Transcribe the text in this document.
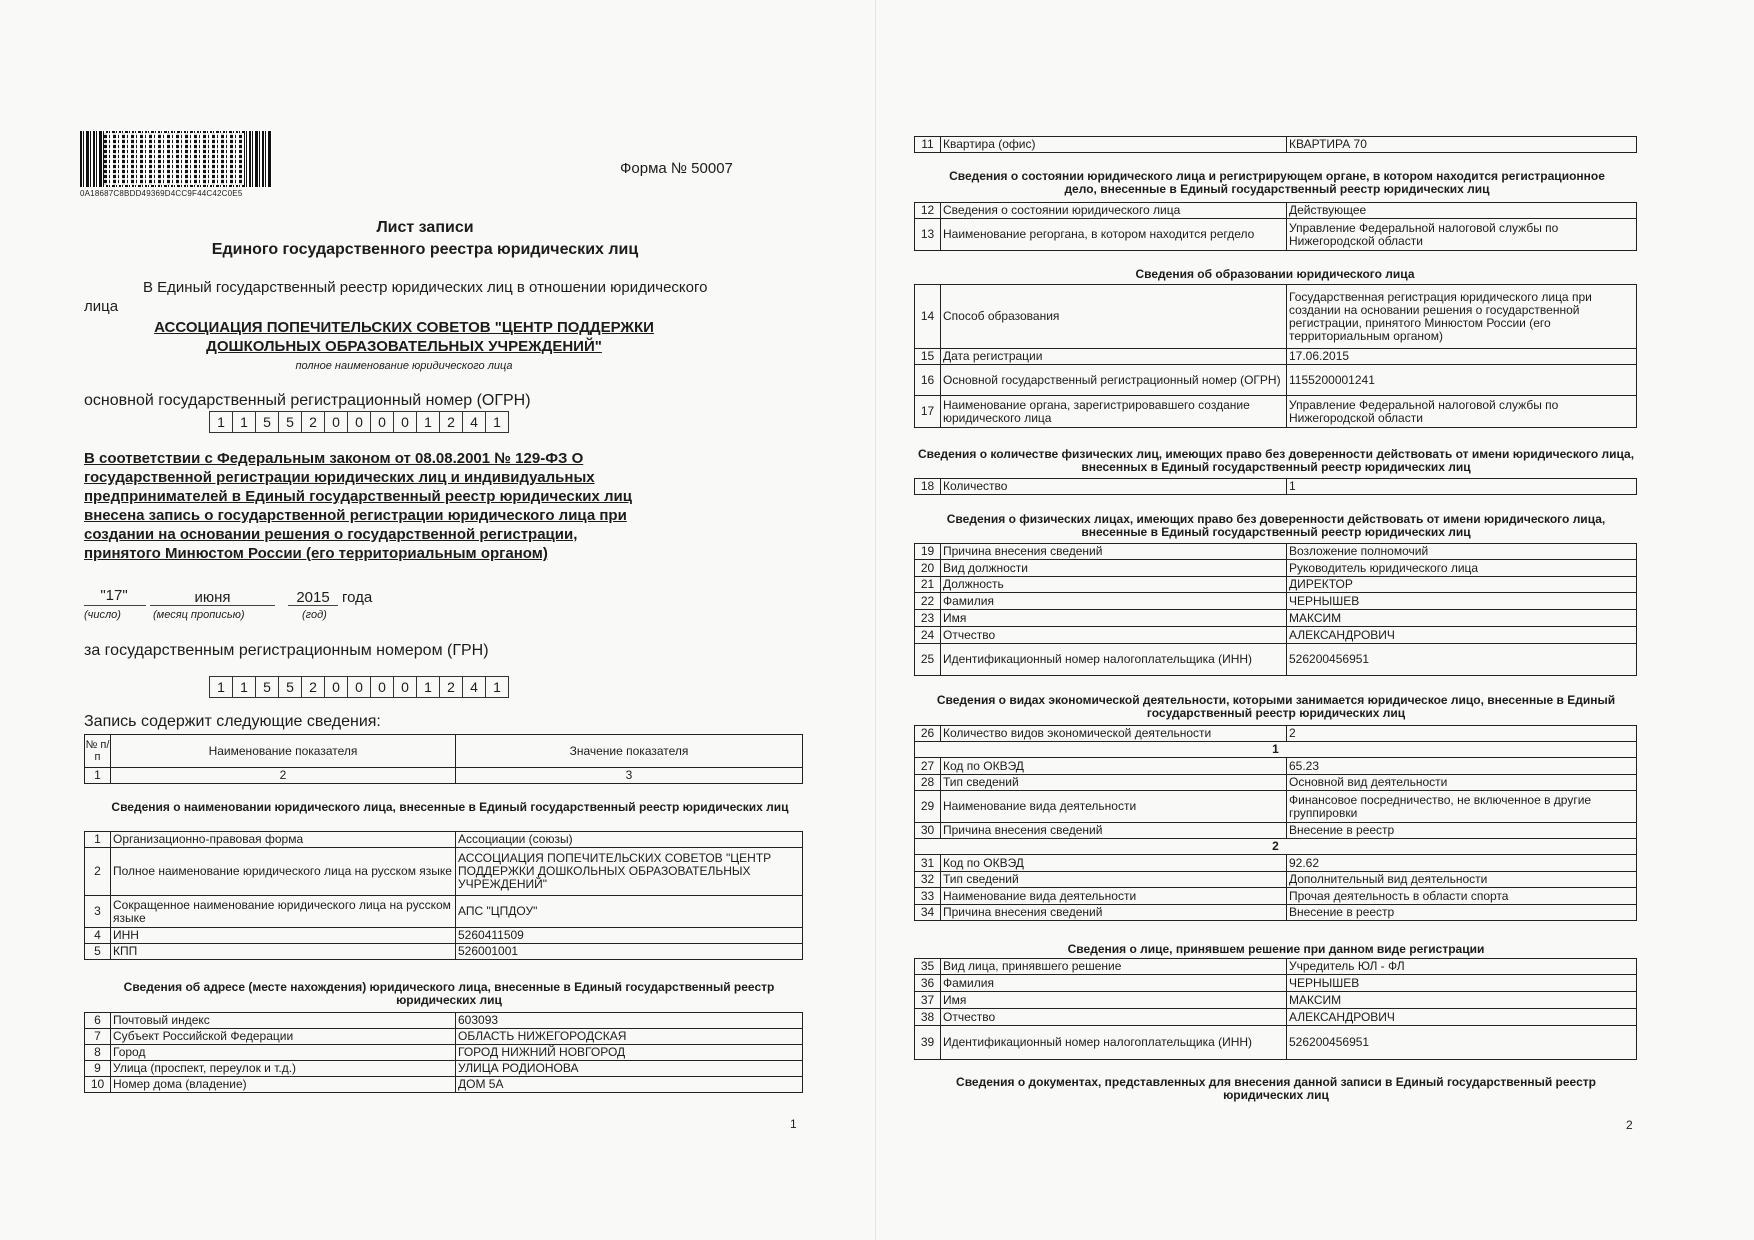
0A18687C8BDD49369D4CC9F44C42C0E5
Форма № 50007
Лист записи
Единого государственного реестра юридических лиц
В Единый государственный реестр юридических лиц в отношении юридического
лица
АССОЦИАЦИЯ ПОПЕЧИТЕЛЬСКИХ СОВЕТОВ "ЦЕНТР ПОДДЕРЖКИ
ДОШКОЛЬНЫХ ОБРАЗОВАТЕЛЬНЫХ УЧРЕЖДЕНИЙ"
полное наименование юридического лица
основной государственный регистрационный номер (ОГРН)
1	1	5	5	2	0	0	0	0	1	2	4	1
В соответствии с Федеральным законом от 08.08.2001 № 129-ФЗ О
государственной регистрации юридических лиц и индивидуальных
предпринимателей в Единый государственный реестр юридических лиц
внесена запись о государственной регистрации юридического лица при
создании на основании решения о государственной регистрации,
принятого Минюстом России (его территориальным органом)
"17"	июня	2015 года
(число)	(месяц прописью)	(год)
за государственным регистрационным номером (ГРН)
1	1	5	5	2	0	0	0	0	1	2	4	1
Запись содержит следующие сведения:
№ п/п	Наименование показателя	Значение показателя
1	2	3
Сведения о наименовании юридического лица, внесенные в Единый государственный реестр юридических лиц
1	Организационно-правовая форма	Ассоциации (союзы)
2	Полное наименование юридического лица на русском языке	АССОЦИАЦИЯ ПОПЕЧИТЕЛЬСКИХ СОВЕТОВ "ЦЕНТР ПОДДЕРЖКИ ДОШКОЛЬНЫХ ОБРАЗОВАТЕЛЬНЫХ УЧРЕЖДЕНИЙ"
3	Сокращенное наименование юридического лица на русском языке	АПС "ЦПДОУ"
4	ИНН	5260411509
5	КПП	526001001
Сведения об адресе (месте нахождения) юридического лица, внесенные в Единый государственный реестр юридических лиц
6	Почтовый индекс	603093
7	Субъект Российской Федерации	ОБЛАСТЬ НИЖЕГОРОДСКАЯ
8	Город	ГОРОД НИЖНИЙ НОВГОРОД
9	Улица (проспект, переулок и т.д.)	УЛИЦА РОДИОНОВА
10	Номер дома (владение)	ДОМ 5А
1
11	Квартира (офис)	КВАРТИРА 70
Сведения о состоянии юридического лица и регистрирующем органе, в котором находится регистрационное дело, внесенные в Единый государственный реестр юридических лиц
12	Сведения о состоянии юридического лица	Действующее
13	Наименование регоргана, в котором находится регдело	Управление Федеральной налоговой службы по Нижегородской области
Сведения об образовании юридического лица
14	Способ образования	Государственная регистрация юридического лица при создании на основании решения о государственной регистрации, принятого Минюстом России (его территориальным органом)
15	Дата регистрации	17.06.2015
16	Основной государственный регистрационный номер (ОГРН)	1155200001241
17	Наименование органа, зарегистрировавшего создание юридического лица	Управление Федеральной налоговой службы по Нижегородской области
Сведения о количестве физических лиц, имеющих право без доверенности действовать от имени юридического лица, внесенных в Единый государственный реестр юридических лиц
18	Количество	1
Сведения о физических лицах, имеющих право без доверенности действовать от имени юридического лица, внесенные в Единый государственный реестр юридических лиц
19	Причина внесения сведений	Возложение полномочий
20	Вид должности	Руководитель юридического лица
21	Должность	ДИРЕКТОР
22	Фамилия	ЧЕРНЫШЕВ
23	Имя	МАКСИМ
24	Отчество	АЛЕКСАНДРОВИЧ
25	Идентификационный номер налогоплательщика (ИНН)	526200456951
Сведения о видах экономической деятельности, которыми занимается юридическое лицо, внесенные в Единый государственный реестр юридических лиц
26	Количество видов экономической деятельности	2
1		
27	Код по ОКВЭД	65.23
28	Тип сведений	Основной вид деятельности
29	Наименование вида деятельности	Финансовое посредничество, не включенное в другие группировки
30	Причина внесения сведений	Внесение в реестр
2		
31	Код по ОКВЭД	92.62
32	Тип сведений	Дополнительный вид деятельности
33	Наименование вида деятельности	Прочая деятельность в области спорта
34	Причина внесения сведений	Внесение в реестр
Сведения о лице, принявшем решение при данном виде регистрации
35	Вид лица, принявшего решение	Учредитель ЮЛ - ФЛ
36	Фамилия	ЧЕРНЫШЕВ
37	Имя	МАКСИМ
38	Отчество	АЛЕКСАНДРОВИЧ
39	Идентификационный номер налогоплательщика (ИНН)	526200456951
Сведения о документах, представленных для внесения данной записи в Единый государственный реестр юридических лиц
2
